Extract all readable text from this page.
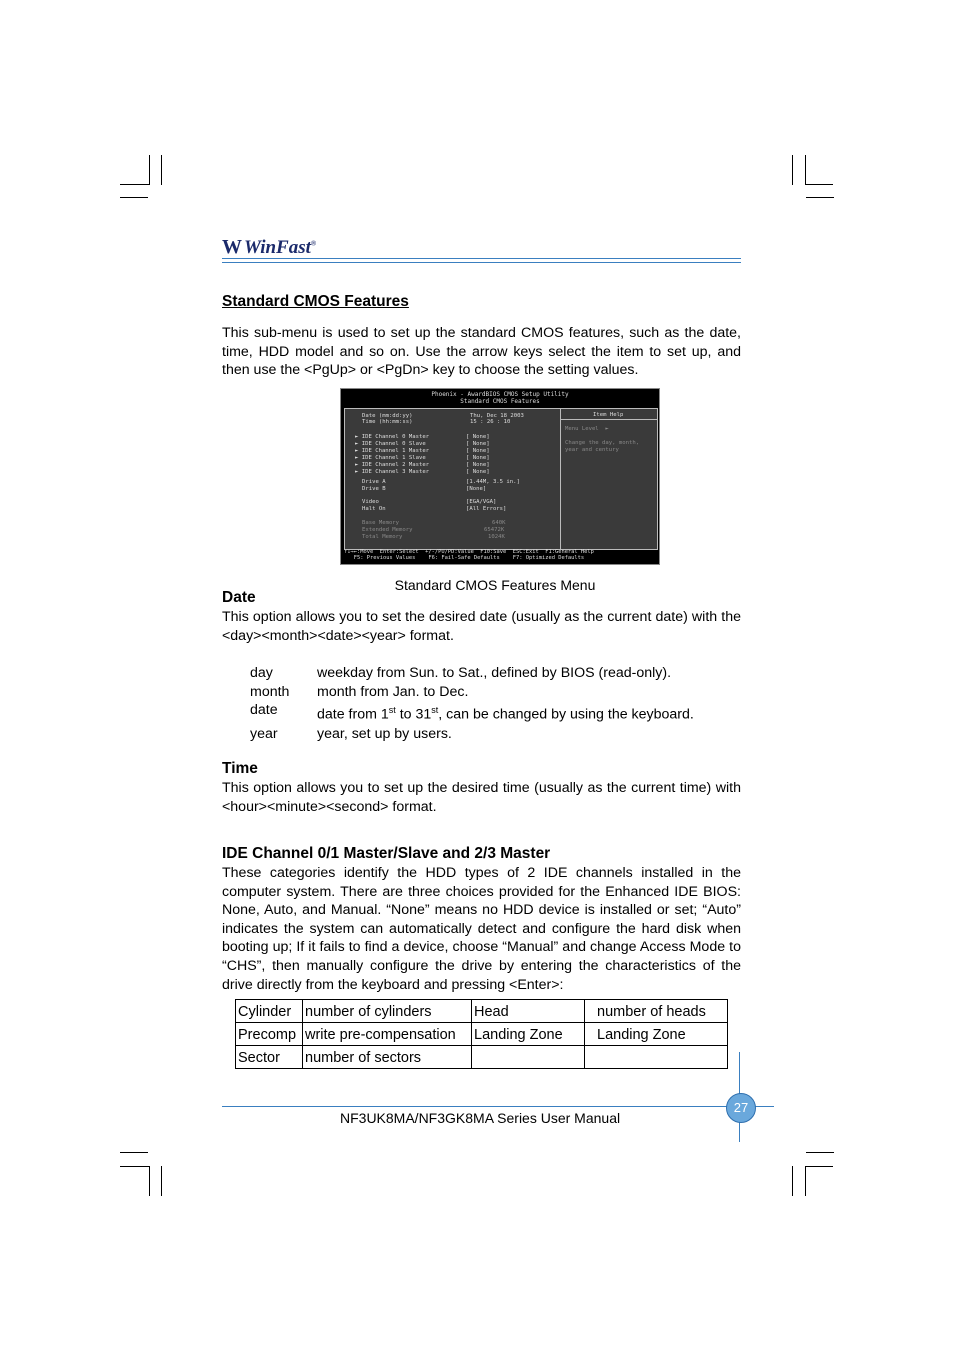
W WinFast®
Standard CMOS Features

This sub-menu is used to set up the standard CMOS features, such as the date, time, HDD model and so on. Use the arrow keys select the item to set up, and then use the <PgUp> or <PgDn> key to choose the setting values.

Phoenix - AwardBIOS CMOS Setup Utility
Standard CMOS Features
Date (mm:dd:yy)	Thu, Dec 18 2003
Time (hh:mm:ss)	15 : 26 : 10
► IDE Channel 0 Master	[ None]
► IDE Channel 0 Slave	[ None]
► IDE Channel 1 Master	[ None]
► IDE Channel 1 Slave	[ None]
► IDE Channel 2 Master	[ None]
► IDE Channel 3 Master	[ None]
Drive A	[1.44M, 3.5 in.]
Drive B	[None]
Video	[EGA/VGA]
Halt On	[All Errors]
Base Memory	640K
Extended Memory	65472K
Total Memory	1024K
Item Help
Menu Level  ►
Change the day, month,
year and century
↑↓→←:Move  Enter:Select  +/-/PU/PD:Value  F10:Save  ESC:Exit  F1:General Help
F5: Previous Values    F6: Fail-Safe Defaults    F7: Optimized Defaults
Standard CMOS Features Menu
Date

This option allows you to set the desired date (usually as the current date) with the <day><month><date><year> format.

day	weekday from Sun. to Sat., defined by BIOS (read-only).
month	month from Jan. to Dec.
date	date from 1st to 31st, can be changed by using the keyboard.
year	year, set up by users.
Time

This option allows you to set up the desired time (usually as the current time) with <hour><minute><second> format.

IDE Channel 0/1 Master/Slave and 2/3 Master

These categories identify the HDD types of 2 IDE channels installed in the computer system. There are three choices provided for the Enhanced IDE BIOS: None, Auto, and Manual. “None” means no HDD device is installed or set; “Auto” indicates the system can automatically detect and configure the hard disk when booting up; If it fails to find a device, choose “Manual” and change Access Mode to “CHS”, then manually configure the drive by entering the characteristics of the drive directly from the keyboard and pressing <Enter>:

Cylinder	number of cylinders	Head	number of heads
Precomp	write pre-compensation	Landing Zone	Landing Zone
Sector	number of sectors		
27
NF3UK8MA/NF3GK8MA Series User Manual
